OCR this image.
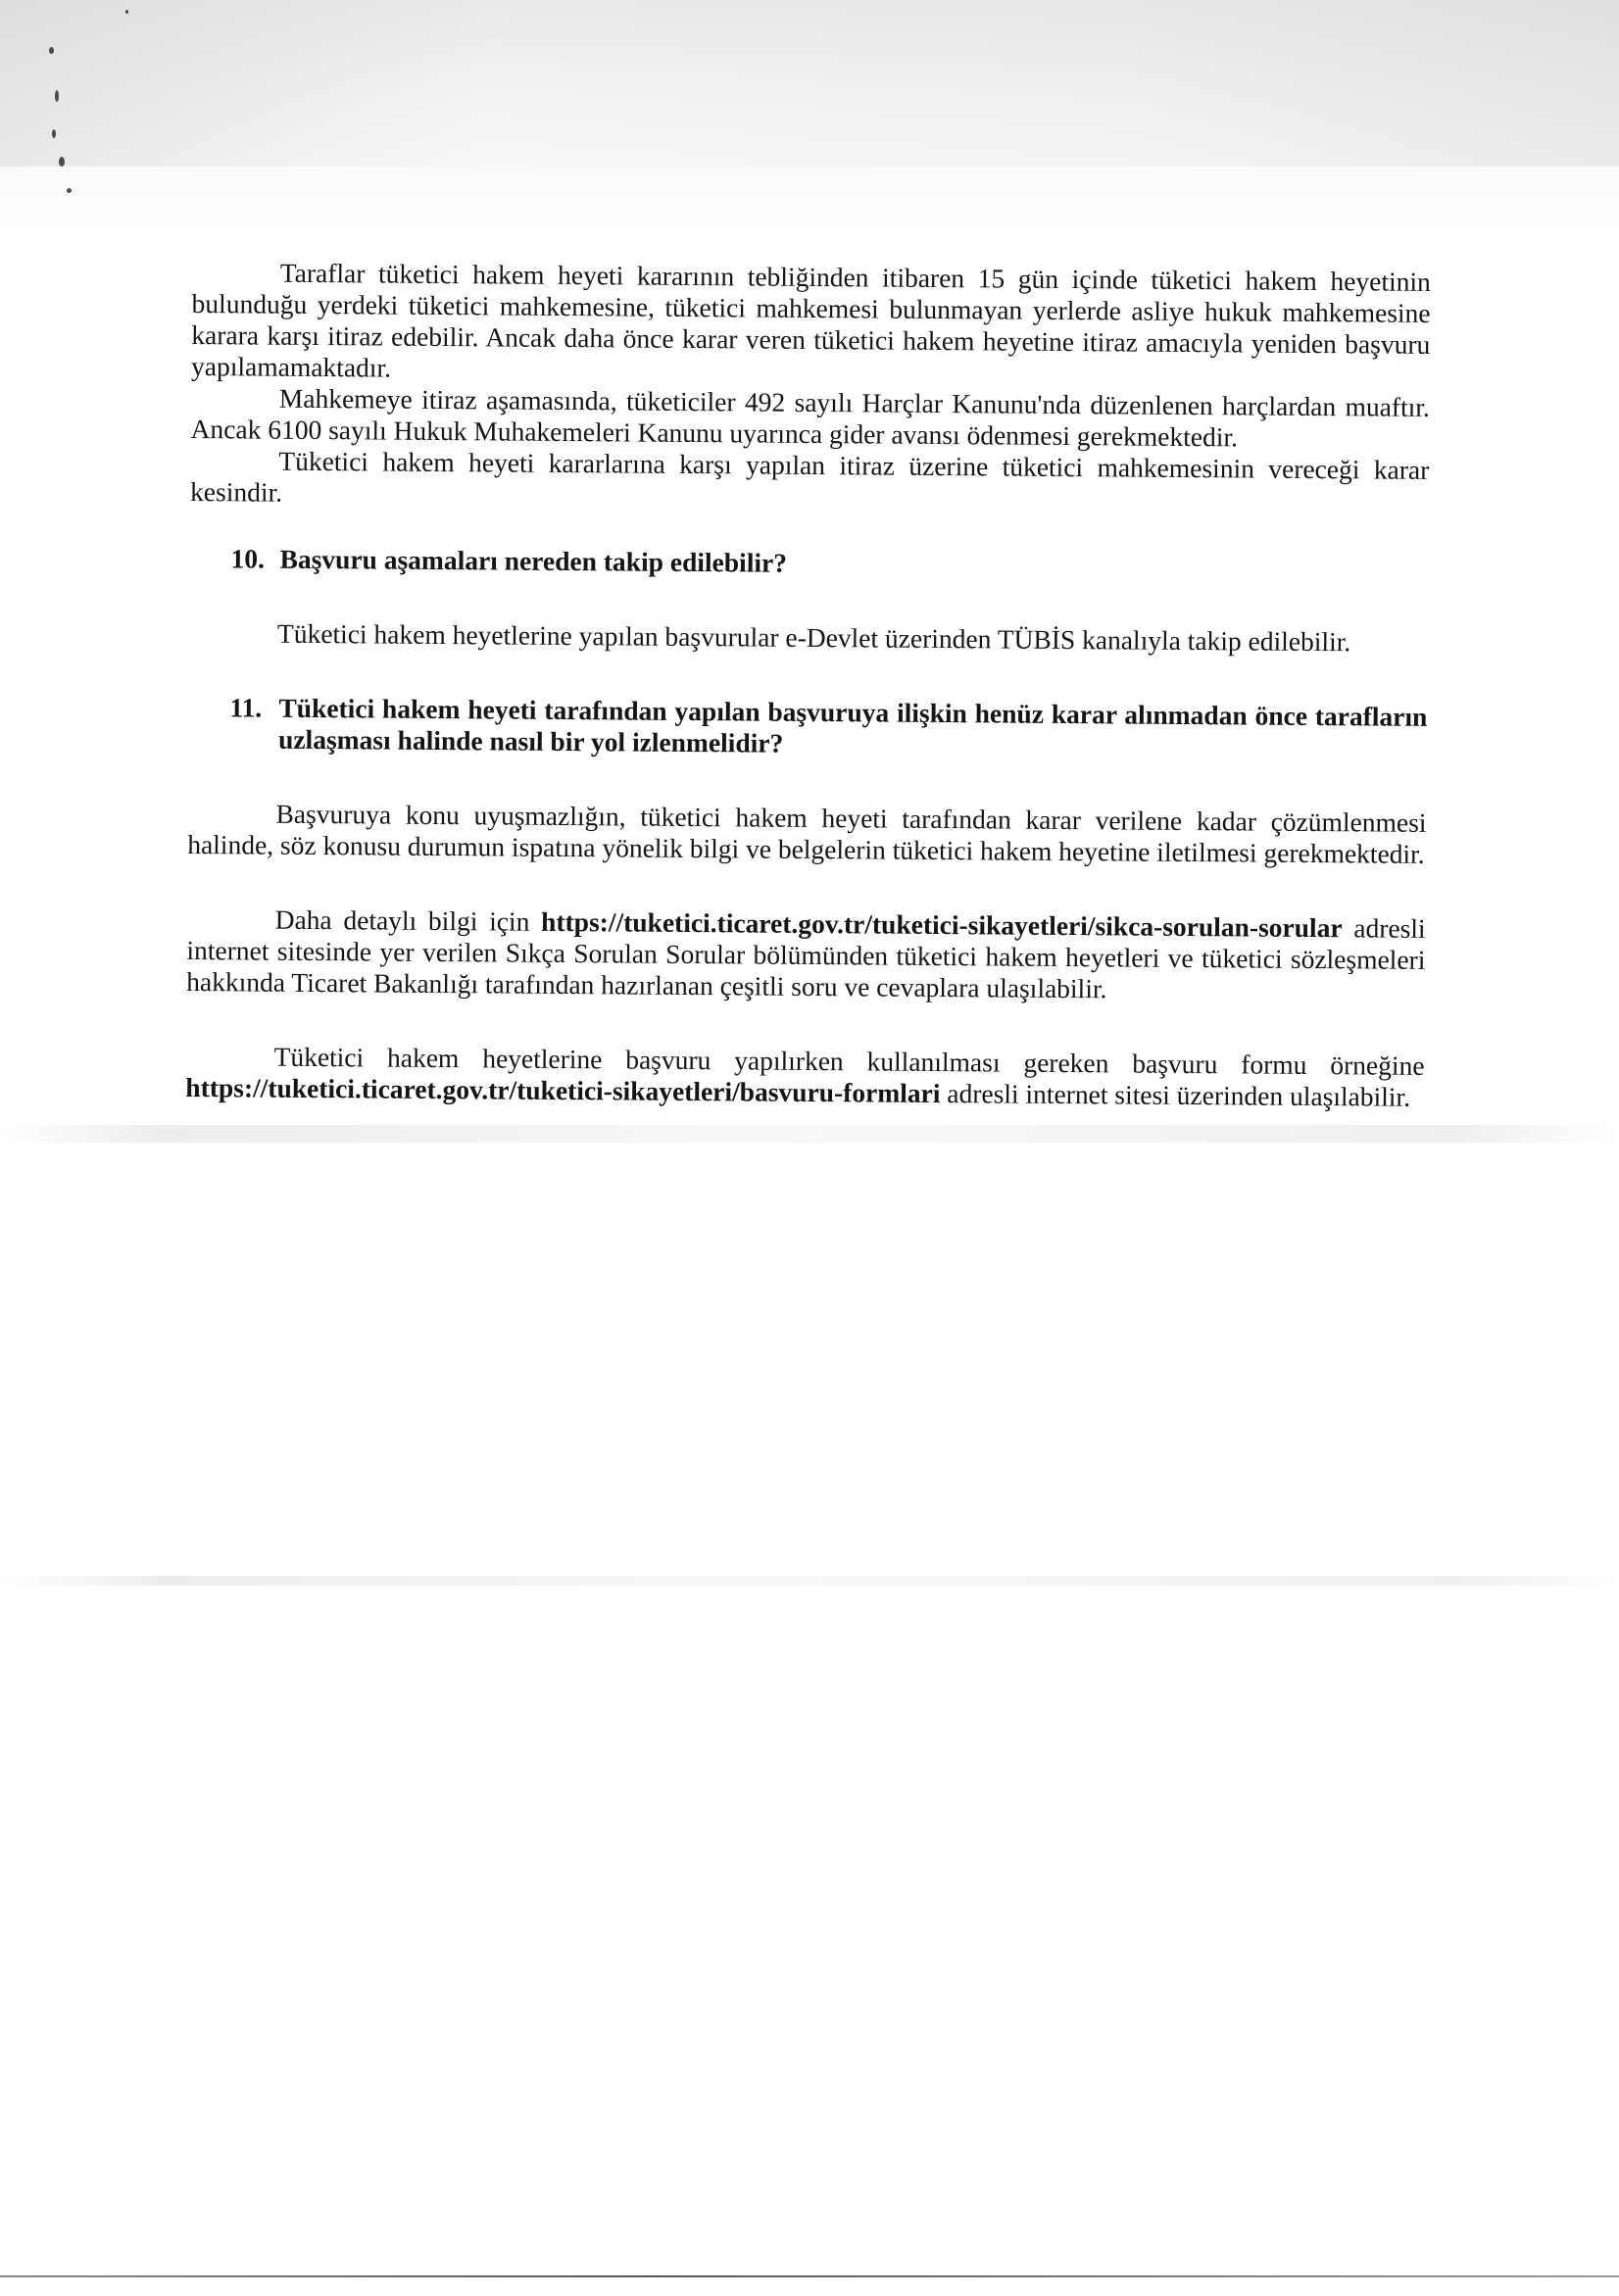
Taraflar tüketici hakem heyeti kararının tebliğinden itibaren 15 gün içinde tüketici hakem heyetinin bulunduğu yerdeki tüketici mahkemesine, tüketici mahkemesi bulunmayan yerlerde asliye hukuk mahkemesine karara karşı itiraz edebilir. Ancak daha önce karar veren tüketici hakem heyetine itiraz amacıyla yeniden başvuru yapılamamaktadır.

Mahkemeye itiraz aşamasında, tüketiciler 492 sayılı Harçlar Kanunu'nda düzenlenen harçlardan muaftır. Ancak 6100 sayılı Hukuk Muhakemeleri Kanunu uyarınca gider avansı ödenmesi gerekmektedir.

Tüketici hakem heyeti kararlarına karşı yapılan itiraz üzerine tüketici mahkemesinin vereceği karar kesindir.

10. Başvuru aşamaları nereden takip edilebilir?

Tüketici hakem heyetlerine yapılan başvurular e-Devlet üzerinden TÜBİS kanalıyla takip edilebilir.

11. Tüketici hakem heyeti tarafından yapılan başvuruya ilişkin henüz karar alınmadan önce tarafların uzlaşması halinde nasıl bir yol izlenmelidir?

Başvuruya konu uyuşmazlığın, tüketici hakem heyeti tarafından karar verilene kadar çözümlenmesi halinde, söz konusu durumun ispatına yönelik bilgi ve belgelerin tüketici hakem heyetine iletilmesi gerekmektedir.

Daha detaylı bilgi için https://tuketici.ticaret.gov.tr/tuketici-sikayetleri/sikca-sorulan-sorular adresli internet sitesinde yer verilen Sıkça Sorulan Sorular bölümünden tüketici hakem heyetleri ve tüketici sözleşmeleri hakkında Ticaret Bakanlığı tarafından hazırlanan çeşitli soru ve cevaplara ulaşılabilir.

Tüketici hakem heyetlerine başvuru yapılırken kullanılması gereken başvuru formu örneğine https://tuketici.ticaret.gov.tr/tuketici-sikayetleri/basvuru-formlari adresli internet sitesi üzerinden ulaşılabilir.
